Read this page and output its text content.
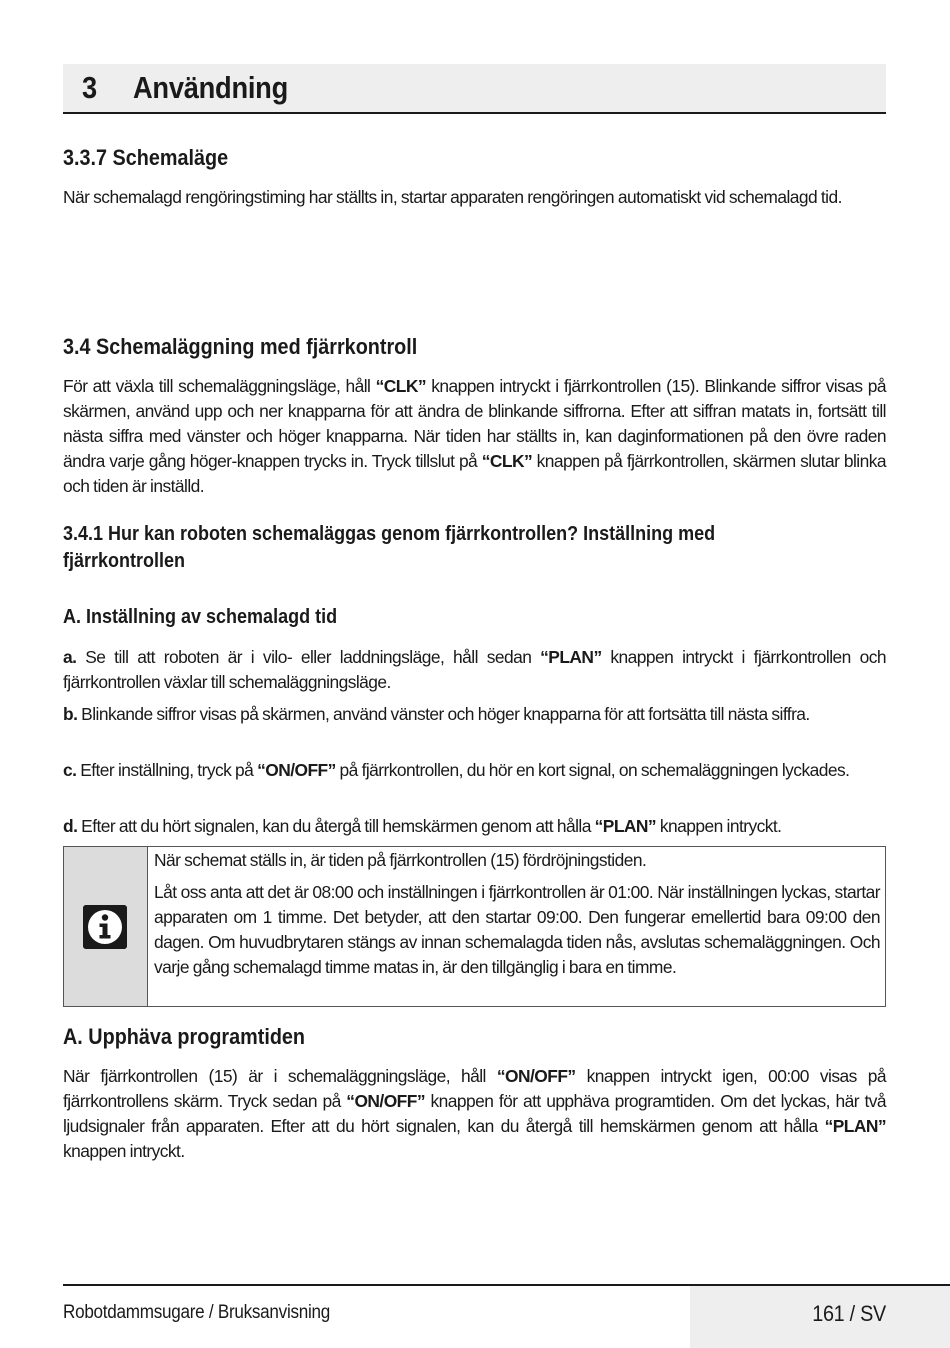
3 Användning
3.3.7 Schemaläge

När schemalagd rengöringstiming har ställts in, startar apparaten rengöringen automatiskt vid schemalagd tid.

3.4 Schemaläggning med fjärrkontroll

För att växla till schemaläggningsläge, håll “CLK” knappen intryckt i fjärrkontrollen (15). Blinkande siffror visas på skärmen, använd upp och ner knapparna för att ändra de blinkande siffrorna. Efter att siffran matats in, fortsätt till nästa siffra med vänster och höger knapparna. När tiden har ställts in, kan daginformationen på den övre raden ändra varje gång höger-knappen trycks in. Tryck tillslut på “CLK” knappen på fjärrkontrollen, skärmen slutar blinka och tiden är inställd.

3.4.1 Hur kan roboten schemaläggas genom fjärrkontrollen? Inställning med
fjärrkontrollen
A. Inställning av schemalagd tid

a. Se till att roboten är i vilo- eller laddningsläge, håll sedan “PLAN” knappen intryckt i fjärrkontrollen och fjärrkontrollen växlar till schemaläggningsläge.

b. Blinkande siffror visas på skärmen, använd vänster och höger knapparna för att fortsätta till nästa siffra.

c. Efter inställning, tryck på “ON/OFF” på fjärrkontrollen, du hör en kort signal, on schemaläggningen lyckades.

d. Efter att du hört signalen, kan du återgå till hemskärmen genom att hålla “PLAN” knappen intryckt.

När schemat ställs in, är tiden på fjärrkontrollen (15) fördröjningstiden.

Låt oss anta att det är 08:00 och inställningen i fjärrkontrollen är 01:00. När inställningen lyckas, startar apparaten om 1 timme. Det betyder, att den startar 09:00. Den fungerar emellertid bara 09:00 den dagen. Om huvudbrytaren stängs av innan schemalagda tiden nås, avslutas schemaläggningen. Och varje gång schemalagd timme matas in, är den tillgänglig i bara en timme.

A. Upphäva programtiden

När fjärrkontrollen (15) är i schemaläggningsläge, håll “ON/OFF” knappen intryckt igen, 00:00 visas på fjärrkontrollens skärm. Tryck sedan på “ON/OFF” knappen för att upphäva programtiden. Om det lyckas, här två ljudsignaler från apparaten. Efter att du hört signalen, kan du återgå till hemskärmen genom att hålla “PLAN” knappen intryckt.

Robotdammsugare / Bruksanvisning	161 / SV
